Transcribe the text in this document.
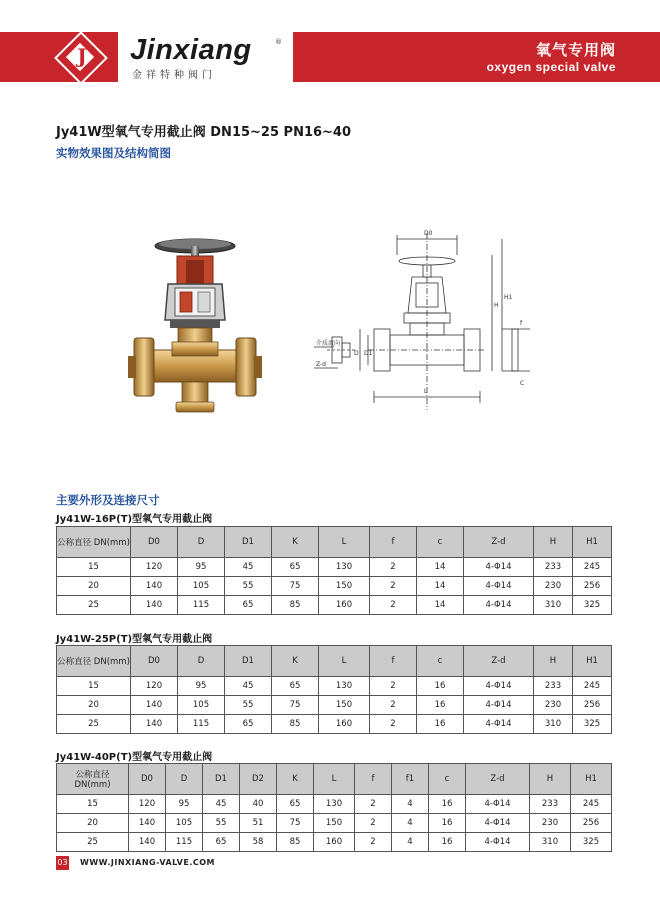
J Jinxiang	®
金祥特种阀门
氧气专用阀
oxygen special valve
Jy41W型氧气专用截止阀 DN15~25 PN16~40
实物效果图及结构简图
D0
H
H1
D D1
L
C
f
Z-d
介质流向
主要外形及连接尺寸
Jy41W-16P(T)型氧气专用截止阀
公称直径 DN(mm)	D0	D	D1	K	L	f	c	Z-d	H	H1
15	120	95	45	65	130	2	14	4-Φ14	233	245
20	140	105	55	75	150	2	14	4-Φ14	230	256
25	140	115	65	85	160	2	14	4-Φ14	310	325
Jy41W-25P(T)型氧气专用截止阀
公称直径 DN(mm)	D0	D	D1	K	L	f	c	Z-d	H	H1
15	120	95	45	65	130	2	16	4-Φ14	233	245
20	140	105	55	75	150	2	16	4-Φ14	230	256
25	140	115	65	85	160	2	16	4-Φ14	310	325
Jy41W-40P(T)型氧气专用截止阀
公称直径 DN(mm)	D0	D	D1	D2	K	L	f	f1	c	Z-d	H	H1
15	120	95	45	40	65	130	2	4	16	4-Φ14	233	245
20	140	105	55	51	75	150	2	4	16	4-Φ14	230	256
25	140	115	65	58	85	160	2	4	16	4-Φ14	310	325
03 WWW.JINXIANG-VALVE.COM
